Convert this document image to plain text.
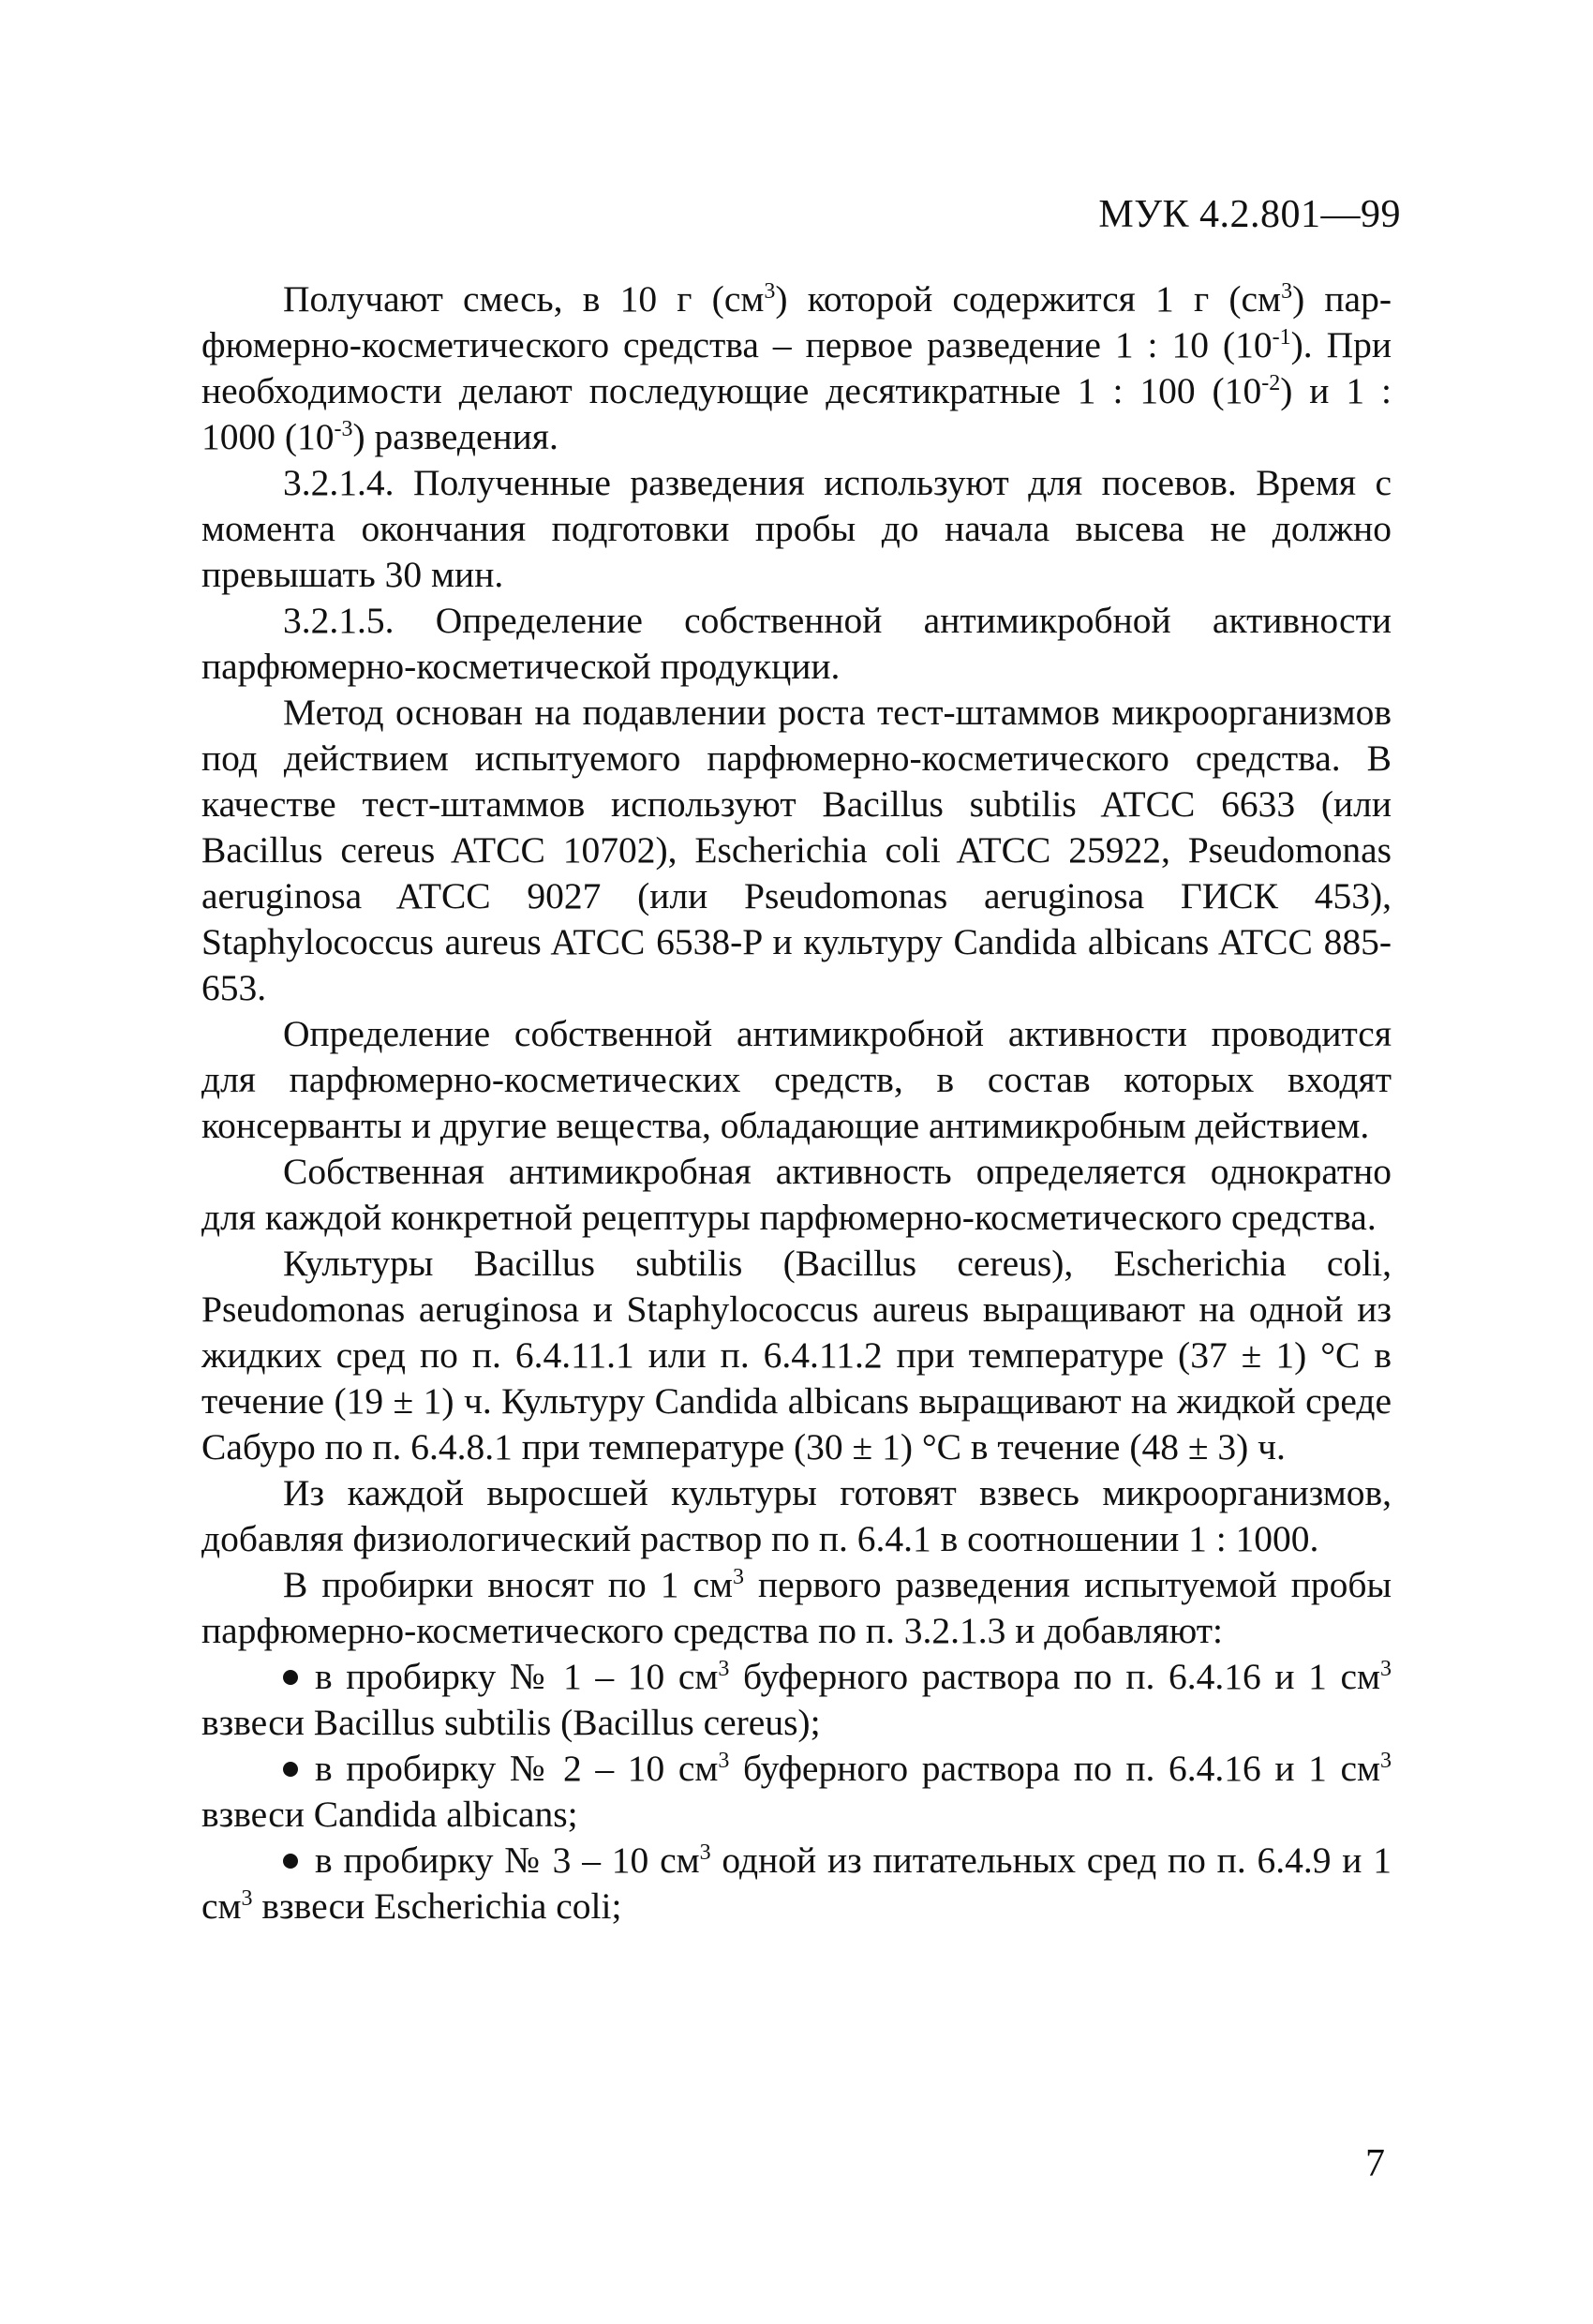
МУК 4.2.801—99

Получают смесь, в 10 г $(см^3)$ которой содержится 1 г $(см^3)$ парфюмерно-косметического средства – первое разведение 1 : 10 $(10^{-1})$. При необходимости делают последующие десятикратные 1 : 100 $(10^{-2})$ и 1 : 1000 $(10^{-3})$ разведения.

3.2.1.4. Полученные разведения используют для посевов. Время с момента окончания подготовки пробы до начала высева не должно превышать 30 мин.

3.2.1.5. Определение собственной антимикробной активности парфюмерно-косметической продукции.

Метод основан на подавлении роста тест-штаммов микроорганизмов под действием испытуемого парфюмерно-косметического средства. В качестве тест-штаммов используют Bacillus subtilis ATCC 6633 (или Bacillus cereus ATCC 10702), Escherichia coli ATCC 25922, Pseudomonas aeruginosa ATCC 9027 (или Pseudomonas aeruginosa ГИСК 453), Staphylococcus aureus ATCC 6538-P и культуру Candida albicans ATCC 885-653.

Определение собственной антимикробной активности проводится для парфюмерно-косметических средств, в состав которых входят консерванты и другие вещества, обладающие антимикробным действием.

Собственная антимикробная активность определяется однократно для каждой конкретной рецептуры парфюмерно-косметического средства.

Культуры Bacillus subtilis (Bacillus cereus), Escherichia coli, Pseudomonas aeruginosa и Staphylococcus aureus выращивают на одной из жидких сред по п. 6.4.11.1 или п. 6.4.11.2 при температуре (37 ± 1) °С в течение (19 ± 1) ч. Культуру Candida albicans выращивают на жидкой среде Сабуро по п. 6.4.8.1 при температуре (30 ± 1) °С в течение (48 ± 3) ч.

Из каждой выросшей культуры готовят взвесь микроорганизмов, добавляя физиологический раствор по п. 6.4.1 в соотношении 1 : 1000.

В пробирки вносят по 1 $см^3$ первого разведения испытуемой пробы парфюмерно-косметического средства по п. 3.2.1.3 и добавляют:

в пробирку № 1 – 10 $см^3$ буферного раствора по п. 6.4.16 и 1 $см^3$ взвеси Bacillus subtilis (Bacillus cereus);

в пробирку № 2 – 10 $см^3$ буферного раствора по п. 6.4.16 и 1 $см^3$ взвеси Candida albicans;

в пробирку № 3 – 10 $см^3$ одной из питательных сред по п. 6.4.9 и 1 $см^3$ взвеси Escherichia coli;

7
